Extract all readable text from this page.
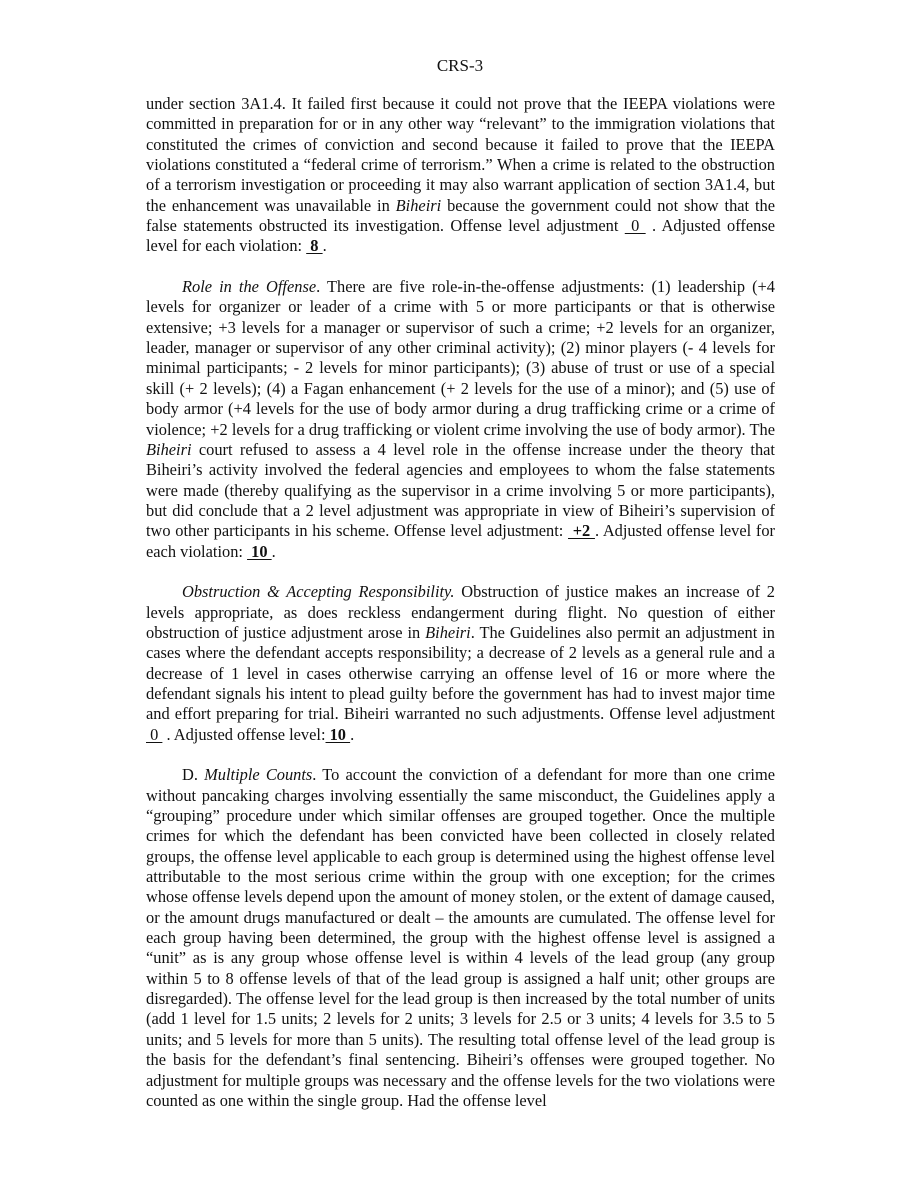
CRS-3

under section 3A1.4. It failed first because it could not prove that the IEEPA violations were committed in preparation for or in any other way “relevant” to the immigration violations that constituted the crimes of conviction and second because it failed to prove that the IEEPA violations constituted a “federal crime of terrorism.” When a crime is related to the obstruction of a terrorism investigation or proceeding it may also warrant application of section 3A1.4, but the enhancement was unavailable in Biheiri because the government could not show that the false statements obstructed its investigation. Offense level adjustment  0  . Adjusted offense level for each violation:  8 .

Role in the Offense. There are five role-in-the-offense adjustments: (1) leadership (+4 levels for organizer or leader of a crime with 5 or more participants or that is otherwise extensive; +3 levels for a manager or supervisor of such a crime; +2 levels for an organizer, leader, manager or supervisor of any other criminal activity); (2) minor players (- 4 levels for minimal participants; - 2 levels for minor participants); (3) abuse of trust or use of a special skill (+ 2 levels); (4) a Fagan enhancement (+ 2 levels for the use of a minor); and (5) use of body armor (+4 levels for the use of body armor during a drug trafficking crime or a crime of violence; +2 levels for a drug trafficking or violent crime involving the use of body armor). The Biheiri court refused to assess a 4 level role in the offense increase under the theory that Biheiri’s activity involved the federal agencies and employees to whom the false statements were made (thereby qualifying as the supervisor in a crime involving 5 or more participants), but did conclude that a 2 level adjustment was appropriate in view of Biheiri’s supervision of two other participants in his scheme. Offense level adjustment:  +2 . Adjusted offense level for each violation:  10 .

Obstruction & Accepting Responsibility. Obstruction of justice makes an increase of 2 levels appropriate, as does reckless endangerment during flight. No question of either obstruction of justice adjustment arose in Biheiri. The Guidelines also permit an adjustment in cases where the defendant accepts responsibility; a decrease of 2 levels as a general rule and a decrease of 1 level in cases otherwise carrying an offense level of 16 or more where the defendant signals his intent to plead guilty before the government has had to invest major time and effort preparing for trial. Biheiri warranted no such adjustments. Offense level adjustment  0  . Adjusted offense level: 10 .

D. Multiple Counts. To account the conviction of a defendant for more than one crime without pancaking charges involving essentially the same misconduct, the Guidelines apply a “grouping” procedure under which similar offenses are grouped together. Once the multiple crimes for which the defendant has been convicted have been collected in closely related groups, the offense level applicable to each group is determined using the highest offense level attributable to the most serious crime within the group with one exception; for the crimes whose offense levels depend upon the amount of money stolen, or the extent of damage caused, or the amount drugs manufactured or dealt – the amounts are cumulated. The offense level for each group having been determined, the group with the highest offense level is assigned a “unit” as is any group whose offense level is within 4 levels of the lead group (any group within 5 to 8 offense levels of that of the lead group is assigned a half unit; other groups are disregarded). The offense level for the lead group is then increased by the total number of units (add 1 level for 1.5 units; 2 levels for 2 units; 3 levels for 2.5 or 3 units; 4 levels for 3.5 to 5 units; and 5 levels for more than 5 units). The resulting total offense level of the lead group is the basis for the defendant’s final sentencing. Biheiri’s offenses were grouped together. No adjustment for multiple groups was necessary and the offense levels for the two violations were counted as one within the single group. Had the offense level
